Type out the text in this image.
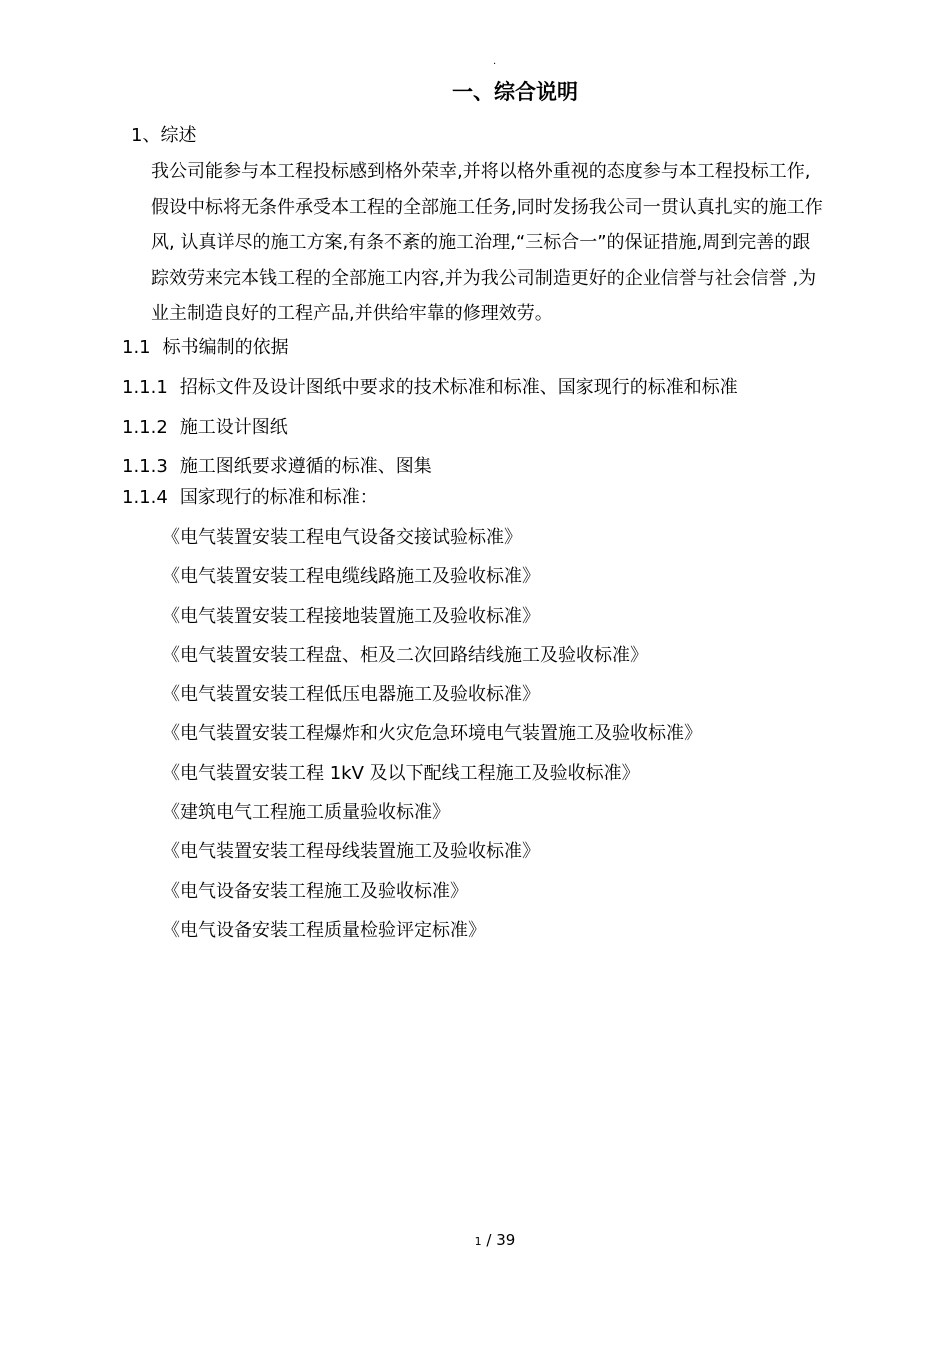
.
一、综合说明
1、综述
我公司能参与本工程投标感到格外荣幸,并将以格外重视的态度参与本工程投标工作,
假设中标将无条件承受本工程的全部施工任务,同时发扬我公司一贯认真扎实的施工作
风, 认真详尽的施工方案,有条不紊的施工治理,“三标合一”的保证措施,周到完善的跟
踪效劳来完本钱工程的全部施工内容,并为我公司制造更好的企业信誉与社会信誉 ,为
业主制造良好的工程产品,并供给牢靠的修理效劳。
1.1 标书编制的依据
1.1.1 招标文件及设计图纸中要求的技术标准和标准、国家现行的标准和标准
1.1.2 施工设计图纸
1.1.3 施工图纸要求遵循的标准、图集
1.1.4 国家现行的标准和标准：
《电气装置安装工程电气设备交接试验标准》
《电气装置安装工程电缆线路施工及验收标准》
《电气装置安装工程接地装置施工及验收标准》
《电气装置安装工程盘、柜及二次回路结线施工及验收标准》
《电气装置安装工程低压电器施工及验收标准》
《电气装置安装工程爆炸和火灾危急环境电气装置施工及验收标准》
《电气装置安装工程 1kV 及以下配线工程施工及验收标准》
《建筑电气工程施工质量验收标准》
《电气装置安装工程母线装置施工及验收标准》
《电气设备安装工程施工及验收标准》
《电气设备安装工程质量检验评定标准》
1 / 39
